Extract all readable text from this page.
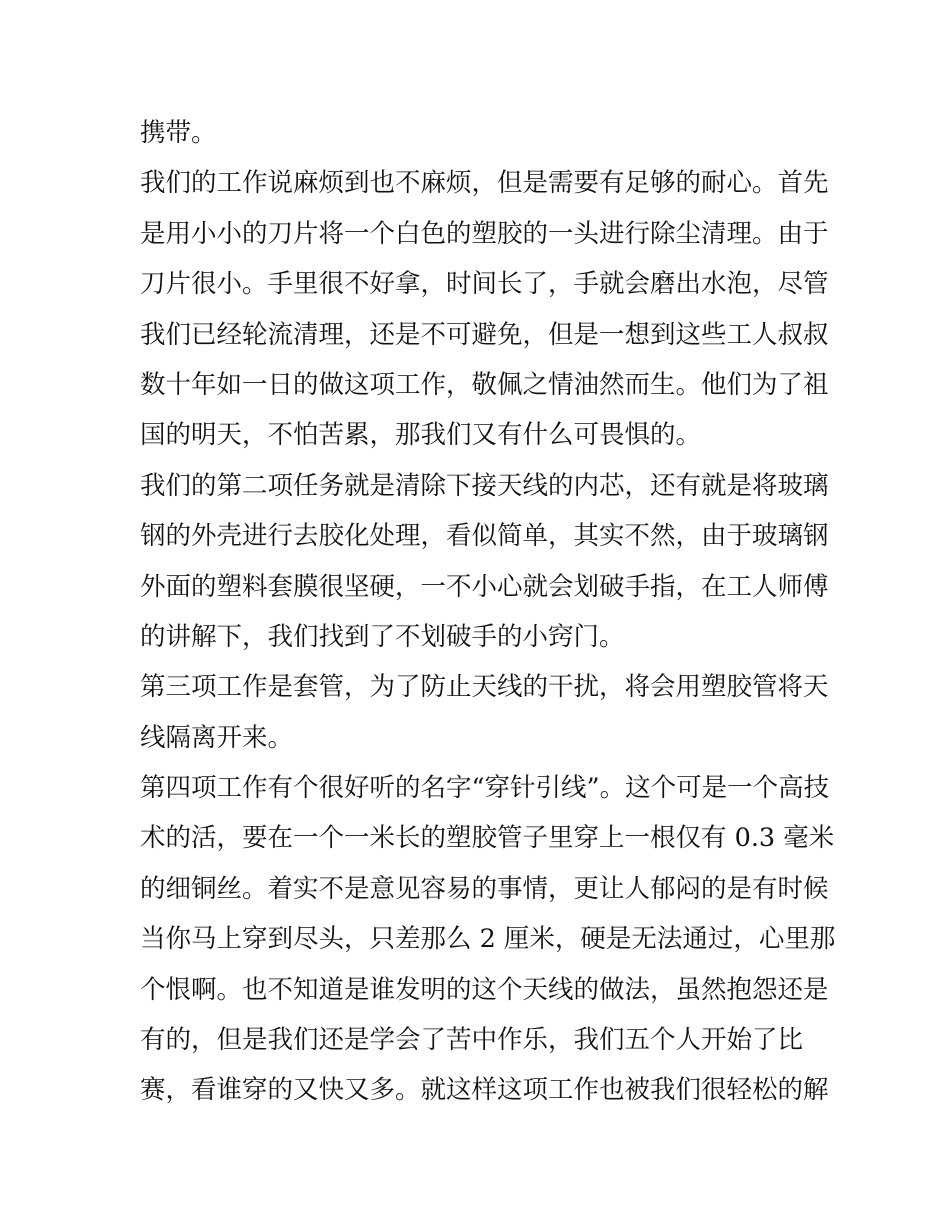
携带。
我们的工作说麻烦到也不麻烦，但是需要有足够的耐心。首先
是用小小的刀片将一个白色的塑胶的一头进行除尘清理。由于
刀片很小。手里很不好拿，时间长了，手就会磨出水泡，尽管
我们已经轮流清理，还是不可避免，但是一想到这些工人叔叔
数十年如一日的做这项工作，敬佩之情油然而生。他们为了祖
国的明天，不怕苦累，那我们又有什么可畏惧的。
我们的第二项任务就是清除下接天线的内芯，还有就是将玻璃
钢的外壳进行去胶化处理，看似简单，其实不然，由于玻璃钢
外面的塑料套膜很坚硬，一不小心就会划破手指，在工人师傅
的讲解下，我们找到了不划破手的小窍门。
第三项工作是套管，为了防止天线的干扰，将会用塑胶管将天
线隔离开来。
第四项工作有个很好听的名字“穿针引线”。这个可是一个高技
术的活，要在一个一米长的塑胶管子里穿上一根仅有 0.3 毫米
的细铜丝。着实不是意见容易的事情，更让人郁闷的是有时候
当你马上穿到尽头，只差那么 2 厘米，硬是无法通过，心里那
个恨啊。也不知道是谁发明的这个天线的做法，虽然抱怨还是
有的，但是我们还是学会了苦中作乐，我们五个人开始了比
赛，看谁穿的又快又多。就这样这项工作也被我们很轻松的解
